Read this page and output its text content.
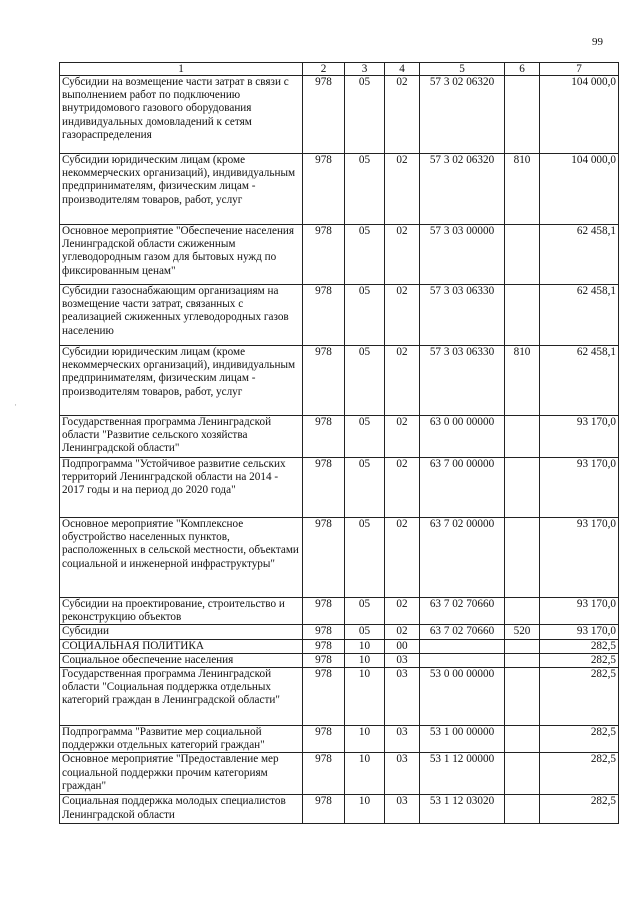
99
1	2	3	4	5	6	7
Субсидии на возмещение части затрат в связи с выполнением работ по подключению внутридомового газового оборудования индивидуальных домовладений к сетям газораспределения	978	05	02	57 3 02 06320		104 000,0
Субсидии юридическим лицам (кроме некоммерческих организаций), индивидуальным предпринимателям, физическим лицам - производителям товаров, работ, услуг	978	05	02	57 3 02 06320	810	104 000,0
Основное мероприятие "Обеспечение населения Ленинградской области сжиженным углеводородным газом для бытовых нужд по фиксированным ценам"	978	05	02	57 3 03 00000		62 458,1
Субсидии газоснабжающим организациям на возмещение части затрат, связанных с реализацией сжиженных углеводородных газов населению	978	05	02	57 3 03 06330		62 458,1
Субсидии юридическим лицам (кроме некоммерческих организаций), индивидуальным предпринимателям, физическим лицам - производителям товаров, работ, услуг	978	05	02	57 3 03 06330	810	62 458,1
Государственная программа Ленинградской области "Развитие сельского хозяйства Ленинградской области"	978	05	02	63 0 00 00000		93 170,0
Подпрограмма "Устойчивое развитие сельских территорий Ленинградской области на 2014 - 2017 годы и на период до 2020 года"	978	05	02	63 7 00 00000		93 170,0
Основное мероприятие "Комплексное обустройство населенных пунктов, расположенных в сельской местности, объектами социальной и инженерной инфраструктуры"	978	05	02	63 7 02 00000		93 170,0
Субсидии на проектирование, строительство и реконструкцию объектов	978	05	02	63 7 02 70660		93 170,0
Субсидии	978	05	02	63 7 02 70660	520	93 170,0
СОЦИАЛЬНАЯ ПОЛИТИКА	978	10	00			282,5
Социальное обеспечение населения	978	10	03			282,5
Государственная программа Ленинградской области "Социальная поддержка отдельных категорий граждан в Ленинградской области"	978	10	03	53 0 00 00000		282,5
Подпрограмма "Развитие мер социальной поддержки отдельных категорий граждан"	978	10	03	53 1 00 00000		282,5
Основное мероприятие "Предоставление мер социальной поддержки прочим категориям граждан"	978	10	03	53 1 12 00000		282,5
Социальная поддержка молодых специалистов Ленинградской области	978	10	03	53 1 12 03020		282,5
·
